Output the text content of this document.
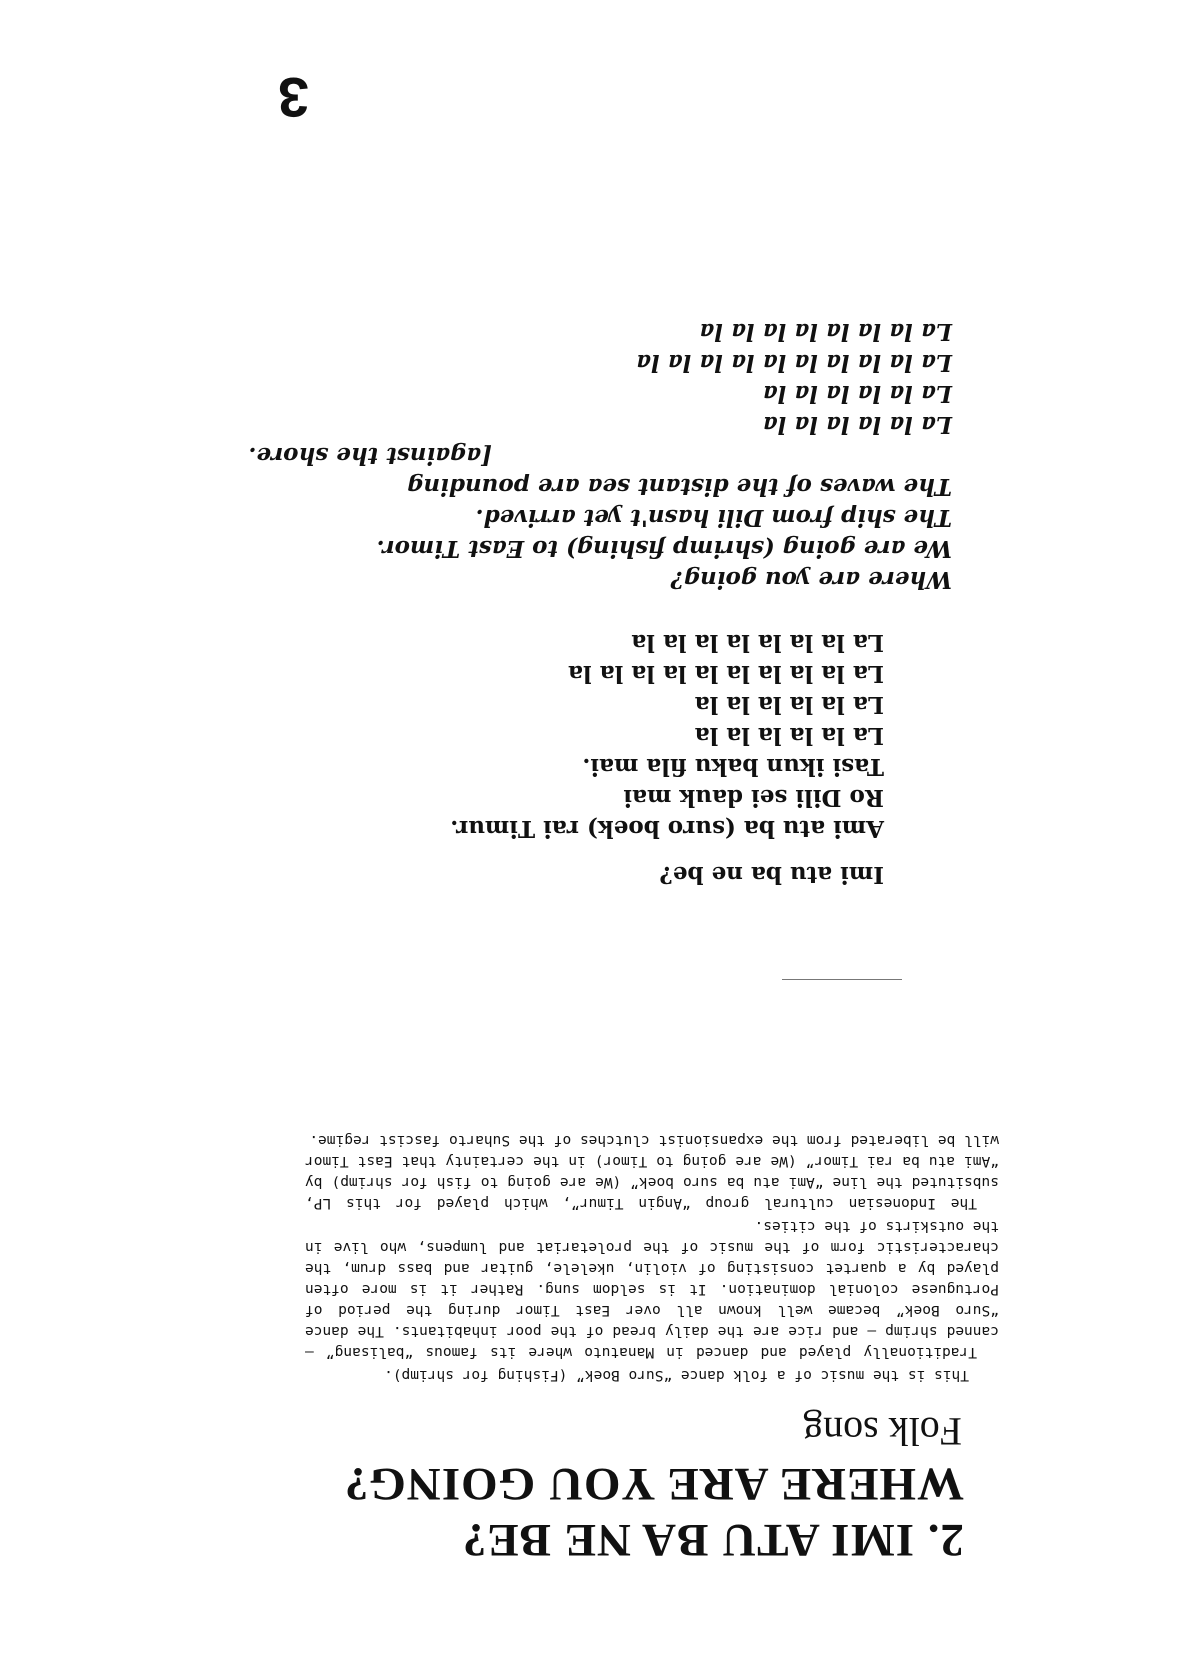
2. IMI ATU BA NE BE?
WHERE ARE YOU GOING?
Folk song

This is the music of a folk dance “Suro Boek” (Fishing for shrimp).

Traditionally played and danced in Manatuto where its famous “balisang” – canned shrimp – and rice are the daily bread of the poor inhabitants. The dance “Suro Boek” became well known all over East Timor during the period of Portuguese colonial domination. It is seldom sung. Rather it is more often played by a quartet consisting of violin, ukelele, guitar and bass drum, the characteristic form of the music of the proletariat and lumpens, who live in the outskirts of the cities.

The Indonesian cultural group “Angin Timur”, which played for this LP, subsituted the line “Ami atu ba suro boek” (We are going to fish for shrimp) by “Ami atu ba rai Timor” (We are going to Timor) in the certainty that East Timor will be liberated from the expansionist clutches of the Suharto fascist regime.

Imi atu ba ne be?
Ami atu ba (suro boek) rai Timur.
Ro Dili sei dauk mai
Tasi ikun baku fila mai.
La la la la la la
La la la la la la
La la la la la la la la la la
La la la la la la la la
Where are you going?
We are going (shrimp fishing) to East Timor.
The ship from Dili hasn't yet arrived.
The waves of the distant sea are pounding
[against the shore.
La la la la la la
La la la la la la
La la la la la la la la la la
La la la la la la la la
3
